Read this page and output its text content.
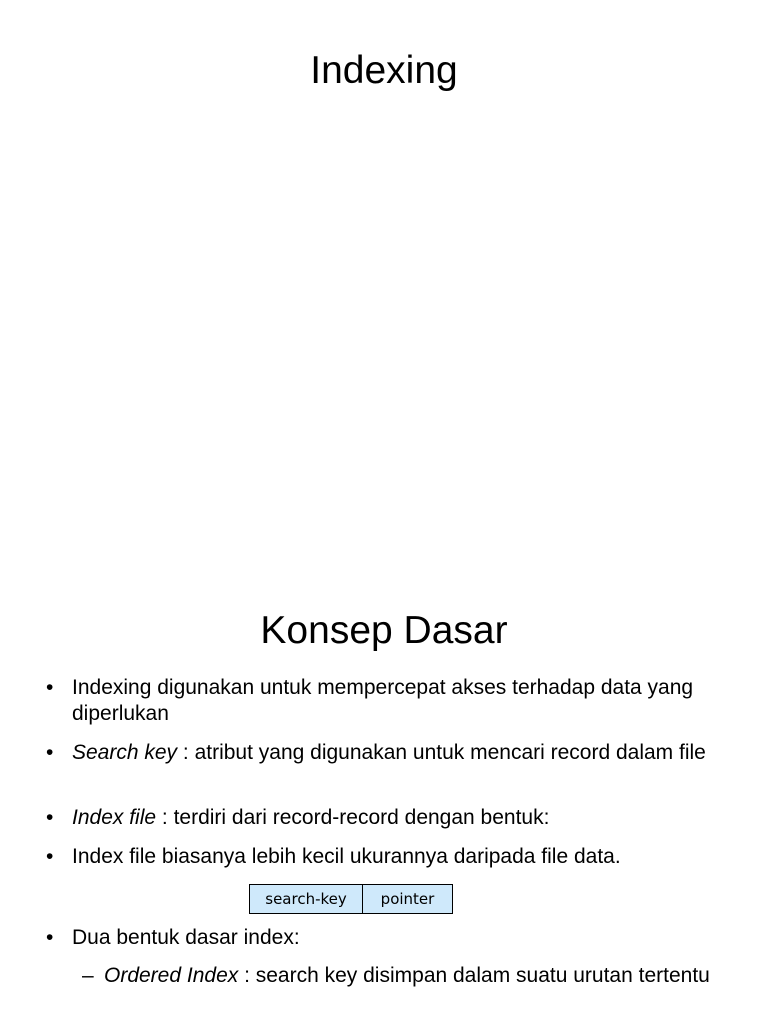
Indexing
Konsep Dasar
• Indexing digunakan untuk mempercepat akses terhadap data yang diperlukan
• Search key : atribut yang digunakan untuk mencari record dalam file
• Index file : terdiri dari record-record dengan bentuk:
• Index file biasanya lebih kecil ukurannya daripada file data.
search-key	pointer
• Dua bentuk dasar index:
– Ordered Index : search key disimpan dalam suatu urutan tertentu
